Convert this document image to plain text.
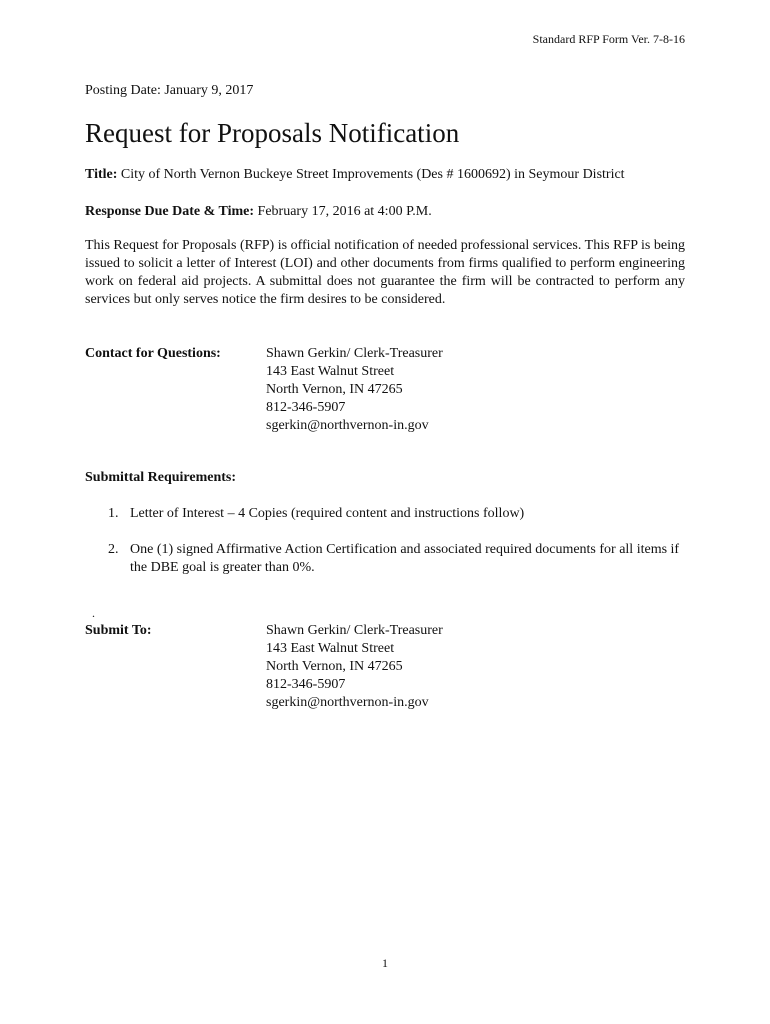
Standard RFP Form Ver. 7-8-16
Posting Date: January 9, 2017
Request for Proposals Notification
Title: City of North Vernon Buckeye Street Improvements (Des # 1600692) in Seymour District
Response Due Date & Time: February 17, 2016 at 4:00 P.M.

This Request for Proposals (RFP) is official notification of needed professional services. This RFP is being issued to solicit a letter of Interest (LOI) and other documents from firms qualified to perform engineering work on federal aid projects. A submittal does not guarantee the firm will be contracted to perform any services but only serves notice the firm desires to be considered.

Contact for Questions:	Shawn Gerkin/ Clerk-Treasurer
143 East Walnut Street
North Vernon, IN 47265
812-346-5907
sgerkin@northvernon-in.gov
Submittal Requirements:
1. Letter of Interest – 4 Copies (required content and instructions follow)
2. One (1) signed Affirmative Action Certification and associated required documents for all items if the DBE goal is greater than 0%.
.
Submit To:	Shawn Gerkin/ Clerk-Treasurer
143 East Walnut Street
North Vernon, IN 47265
812-346-5907
sgerkin@northvernon-in.gov
1
